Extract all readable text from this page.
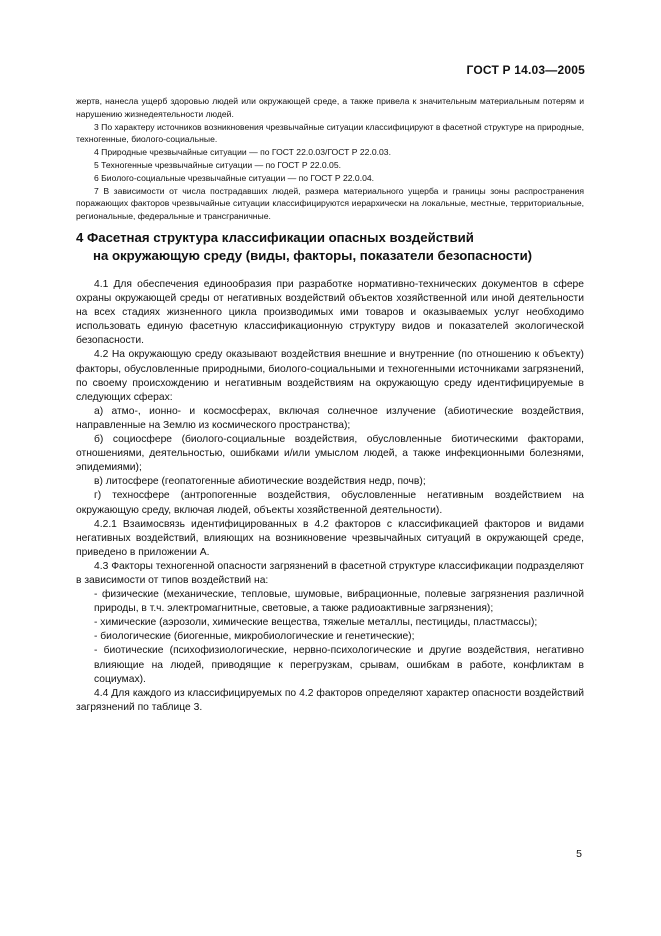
ГОСТ Р 14.03—2005

жертв, нанесла ущерб здоровью людей или окружающей среде, а также привела к значительным материальным потерям и нарушению жизнедеятельности людей.

3 По характеру источников возникновения чрезвычайные ситуации классифицируют в фасетной структуре на природные, техногенные, биолого-социальные.

4 Природные чрезвычайные ситуации — по ГОСТ 22.0.03/ГОСТ Р 22.0.03.

5 Техногенные чрезвычайные ситуации — по ГОСТ Р 22.0.05.

6 Биолого-социальные чрезвычайные ситуации — по ГОСТ Р 22.0.04.

7 В зависимости от числа пострадавших людей, размера материального ущерба и границы зоны распространения поражающих факторов чрезвычайные ситуации классифицируются иерархически на локальные, местные, территориальные, региональные, федеральные и трансграничные.

4 Фасетная структура классификации опасных воздействий

на окружающую среду (виды, факторы, показатели безопасности)

4.1 Для обеспечения единообразия при разработке нормативно-технических документов в сфере охраны окружающей среды от негативных воздействий объектов хозяйственной или иной деятельности на всех стадиях жизненного цикла производимых ими товаров и оказываемых услуг необходимо использовать единую фасетную классификационную структуру видов и показателей экологической безопасности.

4.2 На окружающую среду оказывают воздействия внешние и внутренние (по отношению к объекту) факторы, обусловленные природными, биолого-социальными и техногенными источниками загрязнений, по своему происхождению и негативным воздействиям на окружающую среду идентифицируемые в следующих сферах:

а) атмо-, ионно- и космосферах, включая солнечное излучение (абиотические воздействия, направленные на Землю из космического пространства);

б) социосфере (биолого-социальные воздействия, обусловленные биотическими факторами, отношениями, деятельностью, ошибками и/или умыслом людей, а также инфекционными болезнями, эпидемиями);

в) литосфере (геопатогенные абиотические воздействия недр, почв);

г) техносфере (антропогенные воздействия, обусловленные негативным воздействием на окружающую среду, включая людей, объекты хозяйственной деятельности).

4.2.1 Взаимосвязь идентифицированных в 4.2 факторов с классификацией факторов и видами негативных воздействий, влияющих на возникновение чрезвычайных ситуаций в окружающей среде, приведено в приложении А.

4.3 Факторы техногенной опасности загрязнений в фасетной структуре классификации подразделяют в зависимости от типов воздействий на:

- физические (механические, тепловые, шумовые, вибрационные, полевые загрязнения различной природы, в т.ч. электромагнитные, световые, а также радиоактивные загрязнения);

- химические (аэрозоли, химические вещества, тяжелые металлы, пестициды, пластмассы);

- биологические (биогенные, микробиологические и генетические);

- биотические (психофизиологические, нервно-психологические и другие воздействия, негативно влияющие на людей, приводящие к перегрузкам, срывам, ошибкам в работе, конфликтам в социумах).

4.4 Для каждого из классифицируемых по 4.2 факторов определяют характер опасности воздействий загрязнений по таблице 3.

5
